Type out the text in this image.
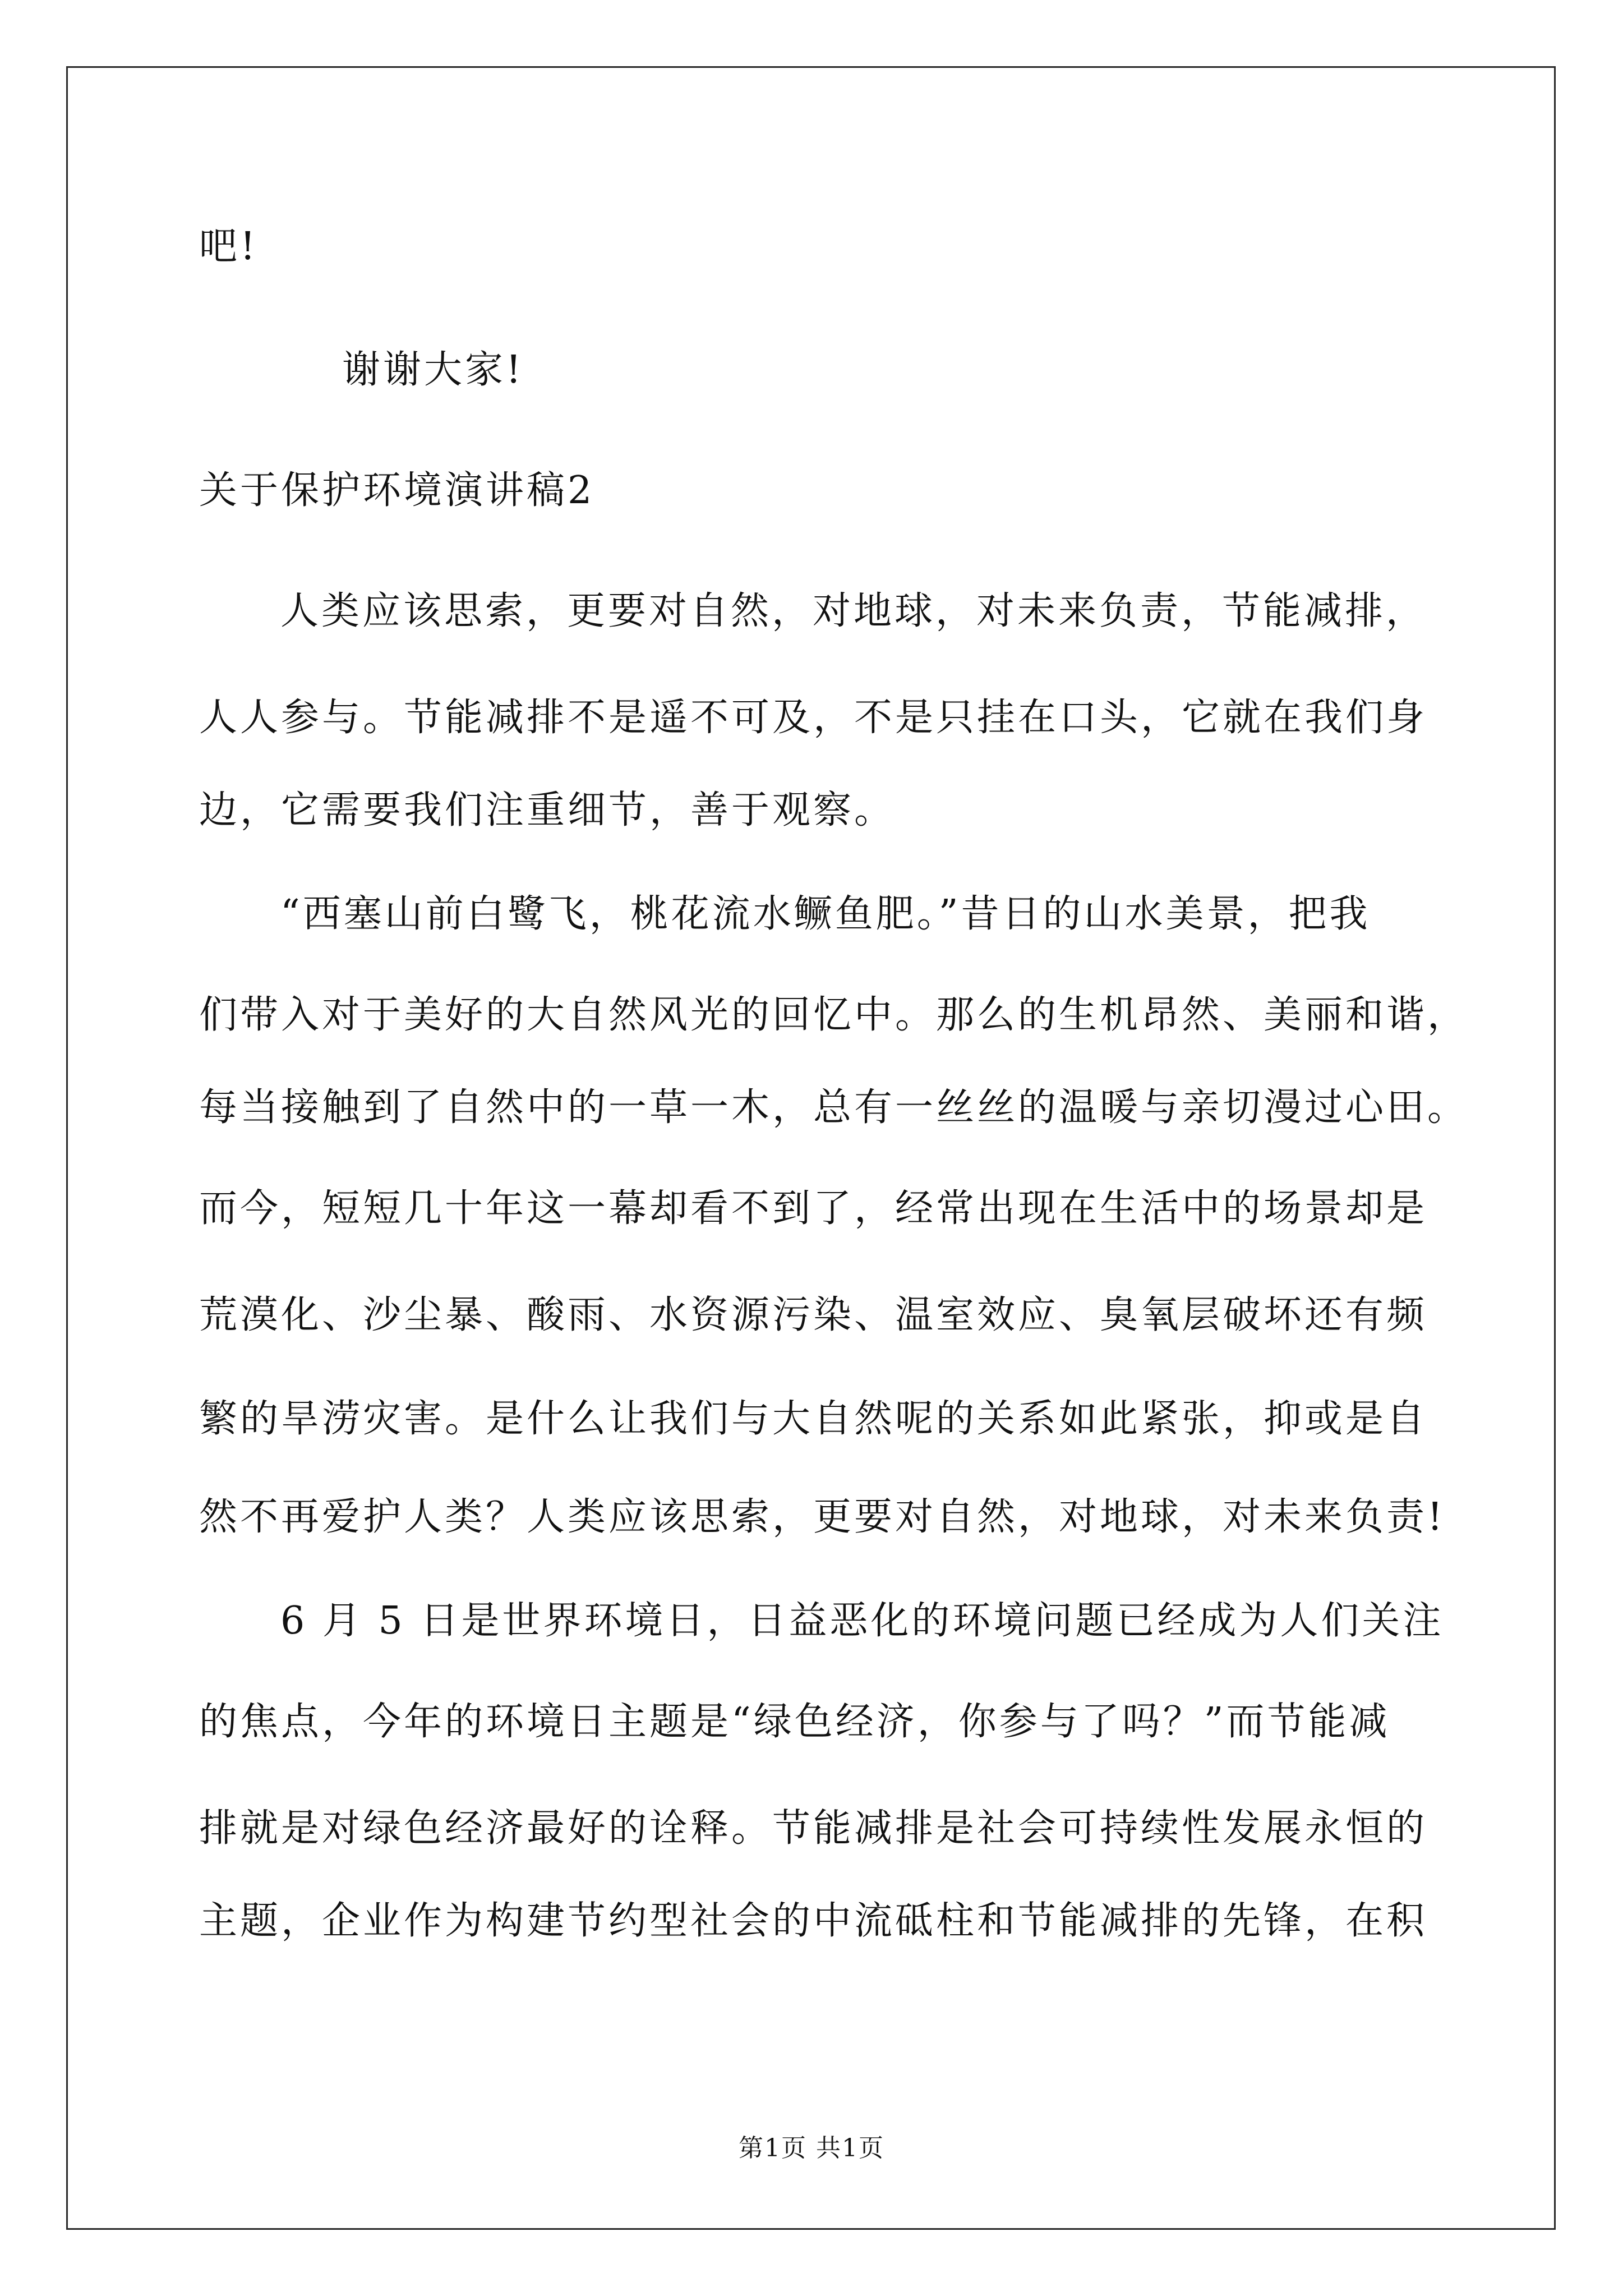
吧!
谢谢大家!
关于保护环境演讲稿2
人类应该思索，更要对自然，对地球，对未来负责，节能减排，
人人参与。节能减排不是遥不可及，不是只挂在口头，它就在我们身
边，它需要我们注重细节，善于观察。
“西塞山前白鹭飞，桃花流水鳜鱼肥。”昔日的山水美景，把我
们带入对于美好的大自然风光的回忆中。那么的生机昂然、美丽和谐，
每当接触到了自然中的一草一木，总有一丝丝的温暖与亲切漫过心田。
而今，短短几十年这一幕却看不到了，经常出现在生活中的场景却是
荒漠化、沙尘暴、酸雨、水资源污染、温室效应、臭氧层破坏还有频
繁的旱涝灾害。是什么让我们与大自然呢的关系如此紧张，抑或是自
然不再爱护人类？人类应该思索，更要对自然，对地球，对未来负责!
6 月 5 日是世界环境日，日益恶化的环境问题已经成为人们关注
的焦点，今年的环境日主题是“绿色经济，你参与了吗？”而节能减
排就是对绿色经济最好的诠释。节能减排是社会可持续性发展永恒的
主题，企业作为构建节约型社会的中流砥柱和节能减排的先锋，在积
第1页 共1页
